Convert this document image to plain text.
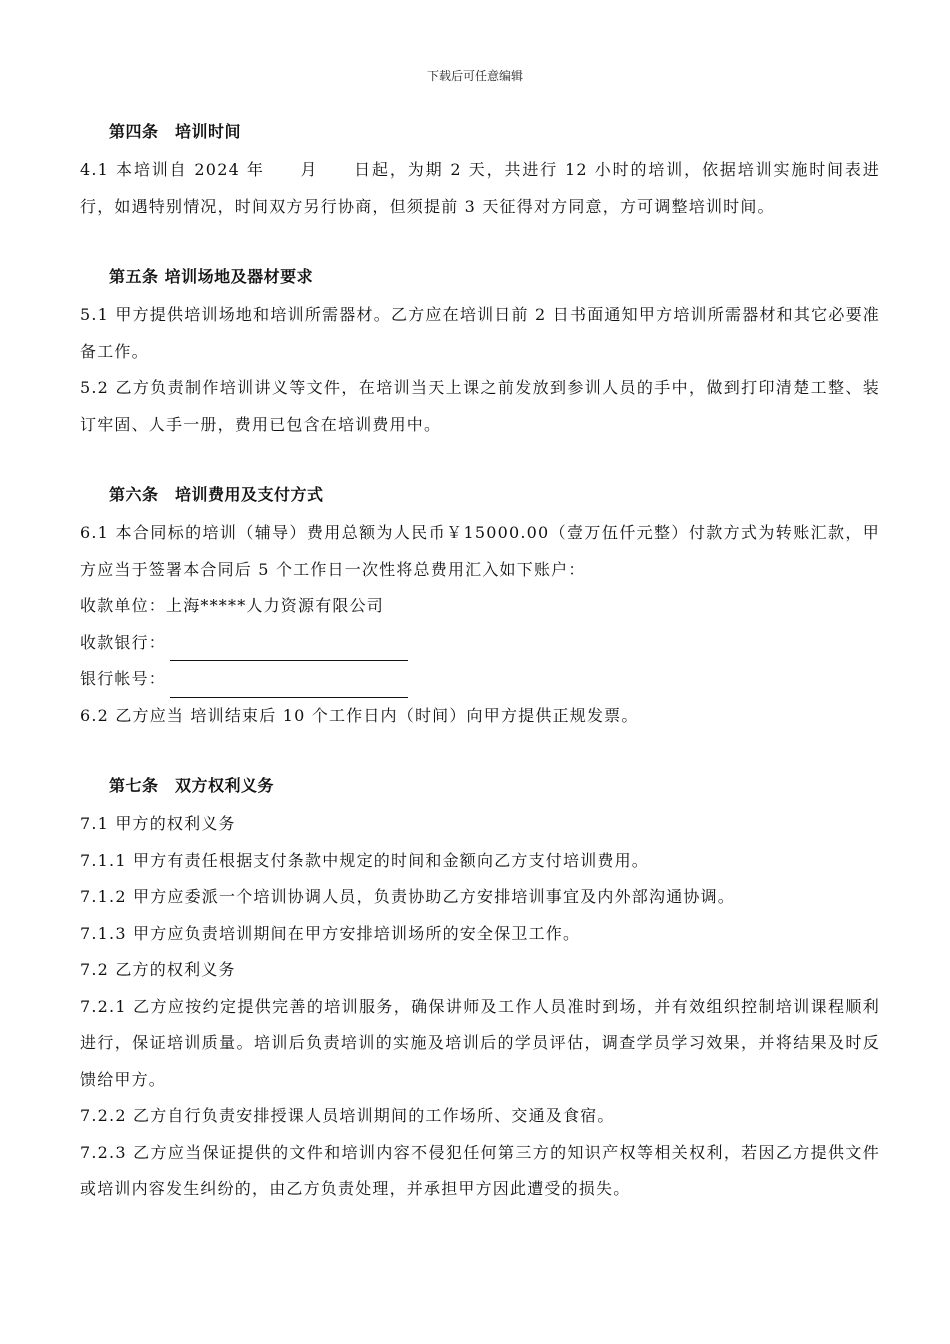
下载后可任意编辑
第四条　培训时间

4.1 本培训自 2024 年　　月　　日起，为期 2 天，共进行 12 小时的培训，依据培训实施时间表进行，如遇特别情况，时间双方另行协商，但须提前 3 天征得对方同意，方可调整培训时间。

第五条 培训场地及器材要求

5.1 甲方提供培训场地和培训所需器材。乙方应在培训日前 2 日书面通知甲方培训所需器材和其它必要准备工作。

5.2 乙方负责制作培训讲义等文件，在培训当天上课之前发放到参训人员的手中，做到打印清楚工整、装订牢固、人手一册，费用已包含在培训费用中。

第六条　培训费用及支付方式

6.1 本合同标的培训（辅导）费用总额为人民币￥15000.00（壹万伍仟元整）付款方式为转账汇款，甲方应当于签署本合同后 5 个工作日一次性将总费用汇入如下账户：

收款单位：上海*****人力资源有限公司

收款银行：
银行帐号：

6.2 乙方应当 培训结束后 10 个工作日内（时间）向甲方提供正规发票。

第七条　双方权利义务

7.1 甲方的权利义务

7.1.1 甲方有责任根据支付条款中规定的时间和金额向乙方支付培训费用。

7.1.2 甲方应委派一个培训协调人员，负责协助乙方安排培训事宜及内外部沟通协调。

7.1.3 甲方应负责培训期间在甲方安排培训场所的安全保卫工作。

7.2 乙方的权利义务

7.2.1 乙方应按约定提供完善的培训服务，确保讲师及工作人员准时到场，并有效组织控制培训课程顺利进行，保证培训质量。培训后负责培训的实施及培训后的学员评估，调查学员学习效果，并将结果及时反馈给甲方。

7.2.2 乙方自行负责安排授课人员培训期间的工作场所、交通及食宿。

7.2.3 乙方应当保证提供的文件和培训内容不侵犯任何第三方的知识产权等相关权利，若因乙方提供文件或培训内容发生纠纷的，由乙方负责处理，并承担甲方因此遭受的损失。
